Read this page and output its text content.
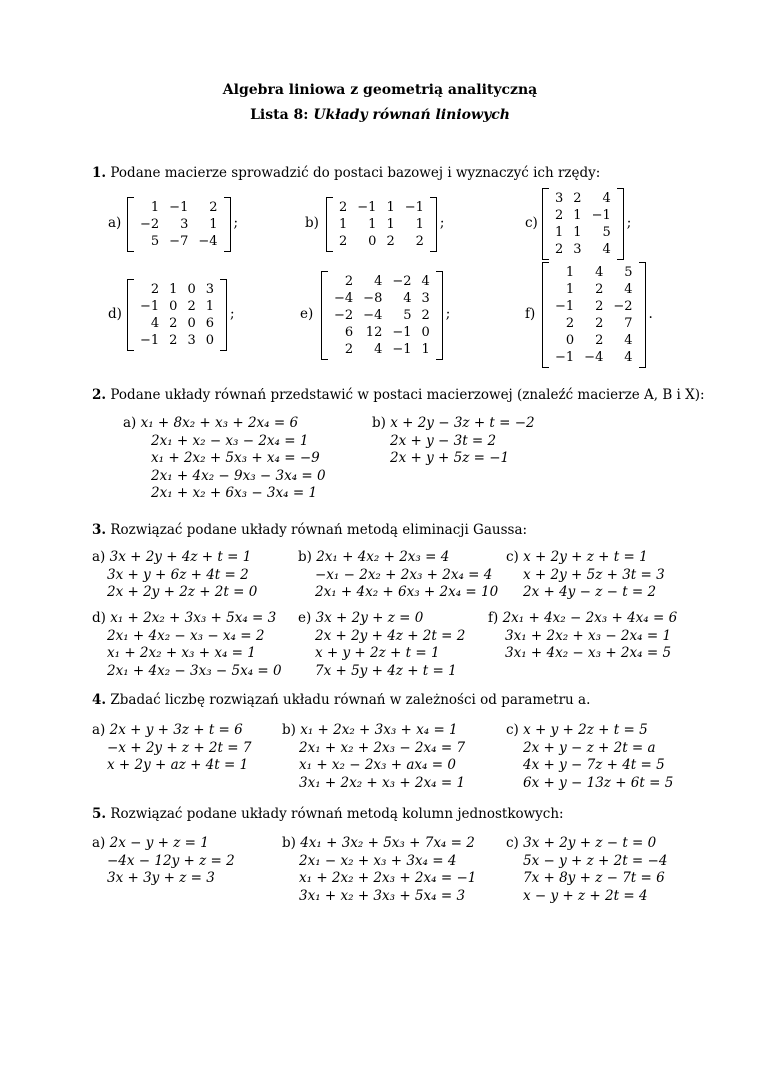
Algebra liniowa z geometrią analityczną
Lista 8: Układy równań liniowych
1. Podane macierze sprowadzić do postaci bazowej i wyznaczyć ich rzędy:
2. Podane układy równań przedstawić w postaci macierzowej (znaleźć macierze A, B i X):
a) x₁ + 8x₂ + x₃ + 2x₄ = 6
2x₁ + x₂ − x₃ − 2x₄ = 1
x₁ + 2x₂ + 5x₃ + x₄ = −9
2x₁ + 4x₂ − 9x₃ − 3x₄ = 0
2x₁ + x₂ + 6x₃ − 3x₄ = 1
b) x + 2y − 3z + t = −2
2x + y − 3t = 2
2x + y + 5z = −1
3. Rozwiązać podane układy równań metodą eliminacji Gaussa:
a) 3x + 2y + 4z + t = 1
3x + y + 6z + 4t = 2
2x + 2y + 2z + 2t = 0
b) 2x₁ + 4x₂ + 2x₃ = 4
−x₁ − 2x₂ + 2x₃ + 2x₄ = 4
2x₁ + 4x₂ + 6x₃ + 2x₄ = 10
c) x + 2y + z + t = 1
x + 2y + 5z + 3t = 3
2x + 4y − z − t = 2
d) x₁ + 2x₂ + 3x₃ + 5x₄ = 3
2x₁ + 4x₂ − x₃ − x₄ = 2
x₁ + 2x₂ + x₃ + x₄ = 1
2x₁ + 4x₂ − 3x₃ − 5x₄ = 0
e) 3x + 2y + z = 0
2x + 2y + 4z + 2t = 2
x + y + 2z + t = 1
7x + 5y + 4z + t = 1
f) 2x₁ + 4x₂ − 2x₃ + 4x₄ = 6
3x₁ + 2x₂ + x₃ − 2x₄ = 1
3x₁ + 4x₂ − x₃ + 2x₄ = 5
4. Zbadać liczbę rozwiązań układu równań w zależności od parametru a.
a) 2x + y + 3z + t = 6
−x + 2y + z + 2t = 7
x + 2y + az + 4t = 1
b) x₁ + 2x₂ + 3x₃ + x₄ = 1
2x₁ + x₂ + 2x₃ − 2x₄ = 7
x₁ + x₂ − 2x₃ + ax₄ = 0
3x₁ + 2x₂ + x₃ + 2x₄ = 1
c) x + y + 2z + t = 5
2x + y − z + 2t = a
4x + y − 7z + 4t = 5
6x + y − 13z + 6t = 5
5. Rozwiązać podane układy równań metodą kolumn jednostkowych:
a) 2x − y + z = 1
−4x − 12y + z = 2
3x + 3y + z = 3
b) 4x₁ + 3x₂ + 5x₃ + 7x₄ = 2
2x₁ − x₂ + x₃ + 3x₄ = 4
x₁ + 2x₂ + 2x₃ + 2x₄ = −1
3x₁ + x₂ + 3x₃ + 5x₄ = 3
c) 3x + 2y + z − t = 0
5x − y + z + 2t = −4
7x + 8y + z − 7t = 6
x − y + z + 2t = 4
a)
1	−1	2
−2	3	1
5	−7	−4
;	b)
2	−1	1	−1
1	1	1	1
2	0	2	2
;	c)
3	2	4
2	1	−1
1	1	5
2	3	4
;
d)
2	1	0	3
−1	0	2	1
4	2	0	6
−1	2	3	0
;	e)
2	4	−2	4
−4	−8	4	3
−2	−4	5	2
6	12	−1	0
2	4	−1	1
;	f)
1	4	5
1	2	4
−1	2	−2
2	2	7
0	2	4
−1	−4	4
.
